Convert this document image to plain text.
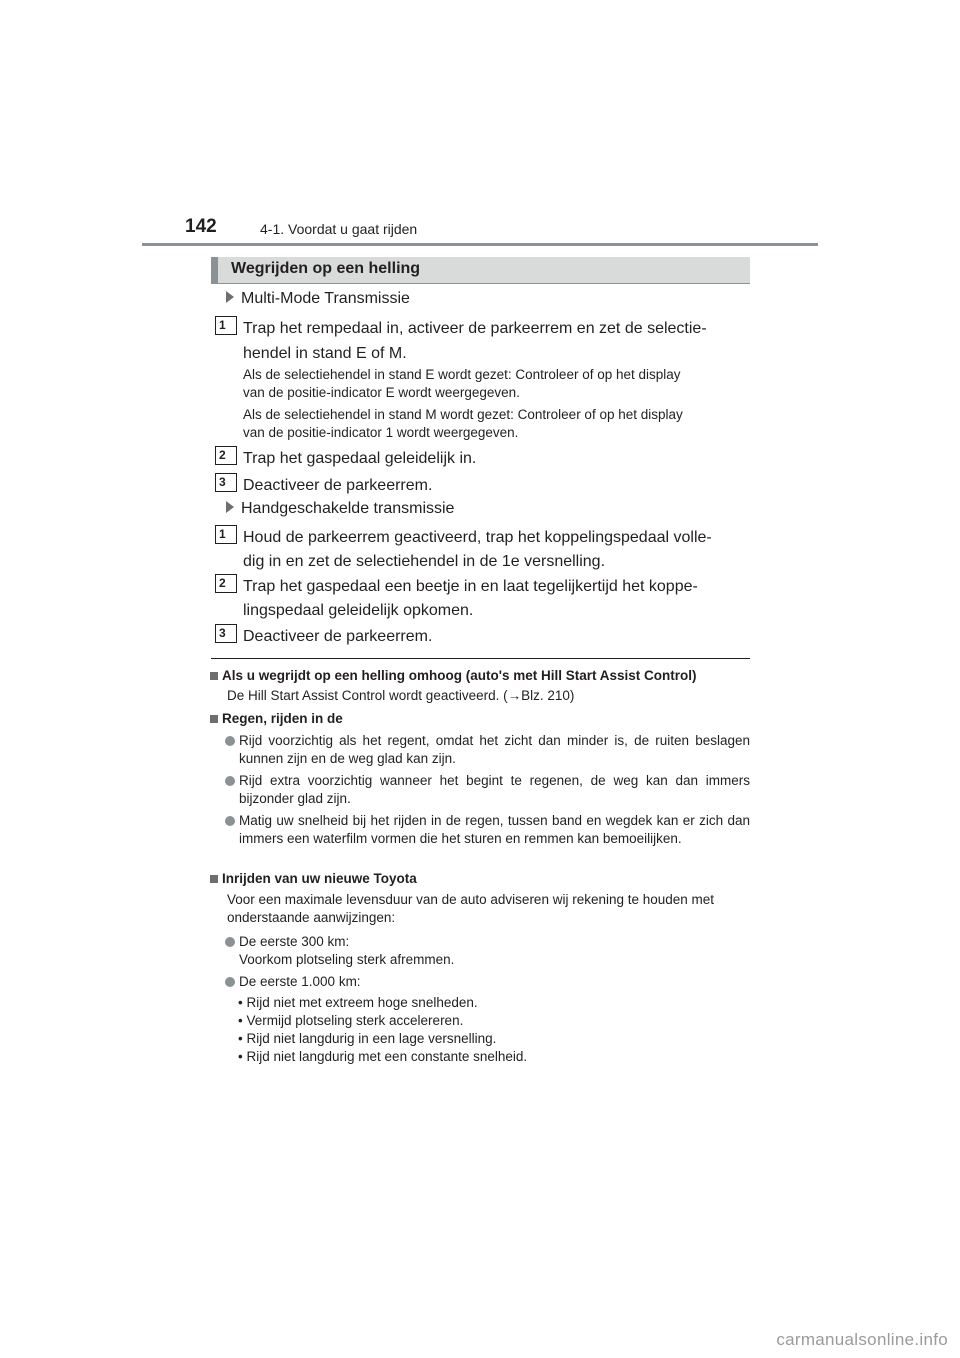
142	4-1. Voordat u gaat rijden
Wegrijden op een helling
Multi-Mode Transmissie
1	Trap het rempedaal in, activeer de parkeerrem en zet de selectie-
hendel in stand E of M.
Als de selectiehendel in stand E wordt gezet: Controleer of op het display
van de positie-indicator E wordt weergegeven.
Als de selectiehendel in stand M wordt gezet: Controleer of op het display
van de positie-indicator 1 wordt weergegeven.
2	Trap het gaspedaal geleidelijk in.
3	Deactiveer de parkeerrem.
Handgeschakelde transmissie
1	Houd de parkeerrem geactiveerd, trap het koppelingspedaal volle-
dig in en zet de selectiehendel in de 1e versnelling.
2	Trap het gaspedaal een beetje in en laat tegelijkertijd het koppe-
lingspedaal geleidelijk opkomen.
3	Deactiveer de parkeerrem.
Als u wegrijdt op een helling omhoog (auto's met Hill Start Assist Control)
De Hill Start Assist Control wordt geactiveerd. (→Blz. 210)
Regen, rijden in de
Rijd voorzichtig als het regent, omdat het zicht dan minder is, de ruiten beslagen kunnen zijn en de weg glad kan zijn.
Rijd extra voorzichtig wanneer het begint te regenen, de weg kan dan immers bijzonder glad zijn.
Matig uw snelheid bij het rijden in de regen, tussen band en wegdek kan er zich dan immers een waterfilm vormen die het sturen en remmen kan bemoeilijken.
Inrijden van uw nieuwe Toyota
Voor een maximale levensduur van de auto adviseren wij rekening te houden met onderstaande aanwijzingen:
De eerste 300 km:
Voorkom plotseling sterk afremmen.
De eerste 1.000 km:
• Rijd niet met extreem hoge snelheden.
• Vermijd plotseling sterk accelereren.
• Rijd niet langdurig in een lage versnelling.
• Rijd niet langdurig met een constante snelheid.
carmanualsonline.info
